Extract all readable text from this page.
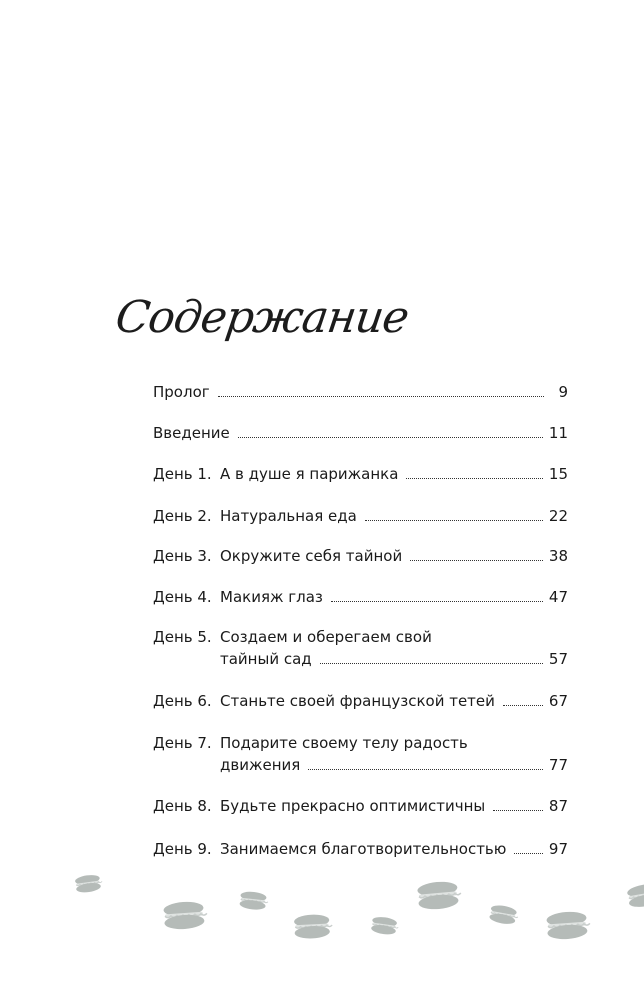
Содержание
Пролог	9
Введение	11
День 1. А в душе я парижанка	15
День 2. Натуральная еда	22
День 3. Окружите себя тайной	38
День 4. Макияж глаз	47
День 5. Создаем и оберегаем свой
тайный сад	57
День 6. Станьте своей французской тетей	67
День 7. Подарите своему телу радость
движения	77
День 8. Будьте прекрасно оптимистичны	87
День 9. Занимаемся благотворительностью	97
